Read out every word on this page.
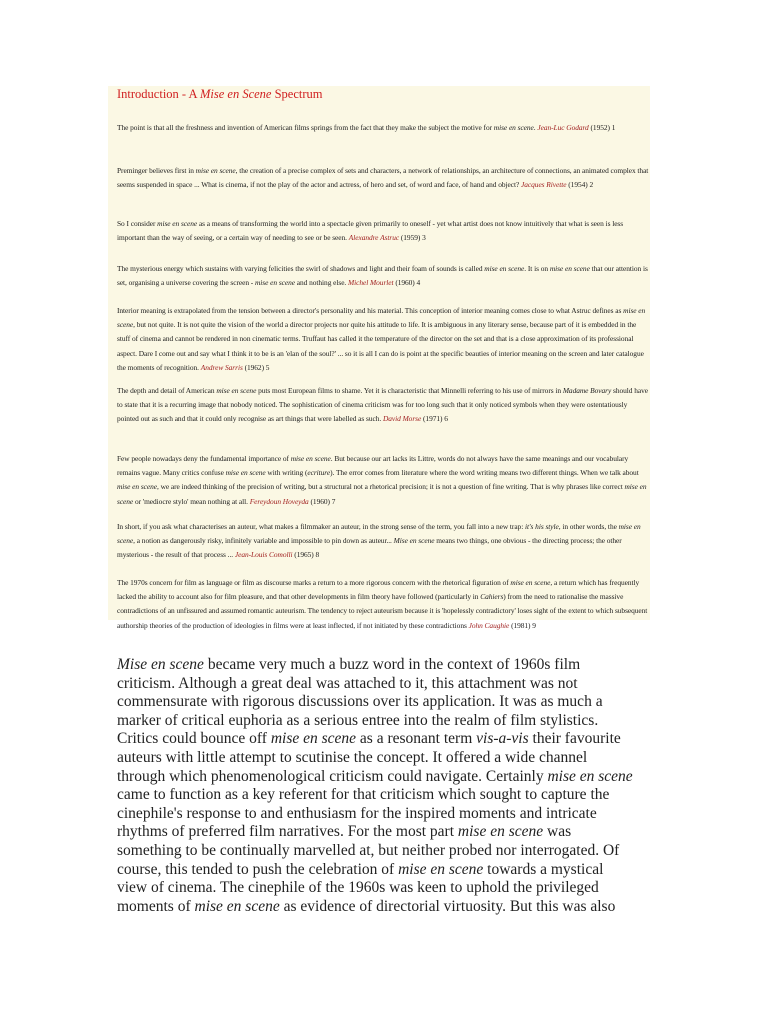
Introduction - A Mise en Scene Spectrum
The point is that all the freshness and invention of American films springs from the fact that they make the subject the motive for mise en scene. Jean-Luc Godard (1952) 1
Preminger believes first in mise en scene, the creation of a precise complex of sets and characters, a network of relationships, an architecture of connections, an animated complex that seems suspended in space ... What is cinema, if not the play of the actor and actress, of hero and set, of word and face, of hand and object? Jacques Rivette (1954) 2
So I consider mise en scene as a means of transforming the world into a spectacle given primarily to oneself - yet what artist does not know intuitively that what is seen is less important than the way of seeing, or a certain way of needing to see or be seen. Alexandre Astruc (1959) 3
The mysterious energy which sustains with varying felicities the swirl of shadows and light and their foam of sounds is called mise en scene. It is on mise en scene that our attention is set, organising a universe covering the screen - mise en scene and nothing else. Michel Mourlet (1960) 4
Interior meaning is extrapolated from the tension between a director's personality and his material. This conception of interior meaning comes close to what Astruc defines as mise en scene, but not quite. It is not quite the vision of the world a director projects nor quite his attitude to life. It is ambiguous in any literary sense, because part of it is embedded in the stuff of cinema and cannot be rendered in non cinematic terms. Truffaut has called it the temperature of the director on the set and that is a close approximation of its professional aspect. Dare I come out and say what I think it to be is an 'elan of the soul?' ... so it is all I can do is point at the specific beauties of interior meaning on the screen and later catalogue the moments of recognition. Andrew Sarris (1962) 5
The depth and detail of American mise en scene puts most European films to shame. Yet it is characteristic that Minnelli referring to his use of mirrors in Madame Bovary should have to state that it is a recurring image that nobody noticed. The sophistication of cinema criticism was for too long such that it only noticed symbols when they were ostentatiously pointed out as such and that it could only recognise as art things that were labelled as such. David Morse (1971) 6
Few people nowadays deny the fundamental importance of mise en scene. But because our art lacks its Littre, words do not always have the same meanings and our vocabulary remains vague. Many critics confuse mise en scene with writing (ecriture). The error comes from literature where the word writing means two different things. When we talk about mise en scene, we are indeed thinking of the precision of writing, but a structural not a rhetorical precision; it is not a question of fine writing. That is why phrases like correct mise en scene or 'mediocre stylo' mean nothing at all. Fereydoun Hoveyda (1960) 7
In short, if you ask what characterises an auteur, what makes a filmmaker an auteur, in the strong sense of the term, you fall into a new trap: it's his style, in other words, the mise en scene, a notion as dangerously risky, infinitely variable and impossible to pin down as auteur... Mise en scene means two things, one obvious - the directing process; the other mysterious - the result of that process ... Jean-Louis Comolli (1965) 8
The 1970s concern for film as language or film as discourse marks a return to a more rigorous concern with the rhetorical figuration of mise en scene, a return which has frequently lacked the ability to account also for film pleasure, and that other developments in film theory have followed (particularly in Cahiers) from the need to rationalise the massive contradictions of an unfissured and assumed romantic auteurism. The tendency to reject auteurism because it is 'hopelessly contradictory' loses sight of the extent to which subsequent authorship theories of the production of ideologies in films were at least inflected, if not initiated by these contradictions John Caughie (1981) 9
Mise en scene became very much a buzz word in the context of 1960s film criticism. Although a great deal was attached to it, this attachment was not commensurate with rigorous discussions over its application. It was as much a marker of critical euphoria as a serious entree into the realm of film stylistics. Critics could bounce off mise en scene as a resonant term vis-a-vis their favourite auteurs with little attempt to scutinise the concept. It offered a wide channel through which phenomenological criticism could navigate. Certainly mise en scene came to function as a key referent for that criticism which sought to capture the cinephile's response to and enthusiasm for the inspired moments and intricate rhythms of preferred film narratives. For the most part mise en scene was something to be continually marvelled at, but neither probed nor interrogated. Of course, this tended to push the celebration of mise en scene towards a mystical view of cinema. The cinephile of the 1960s was keen to uphold the privileged moments of mise en scene as evidence of directorial virtuosity. But this was also
